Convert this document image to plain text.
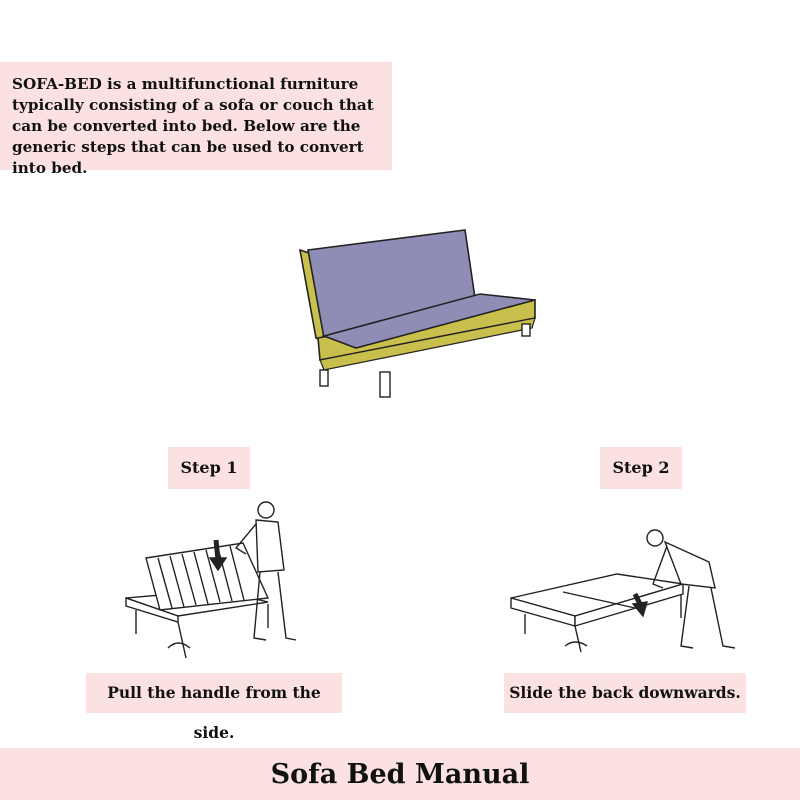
SOFA-BED is a multifunctional furniture

typically consisting of a sofa or couch that

can be converted into bed. Below are the

generic steps that can be used to convert into bed.

Step 1
Pull the handle from the side.
Step 2
Slide the back downwards.
Sofa Bed Manual
